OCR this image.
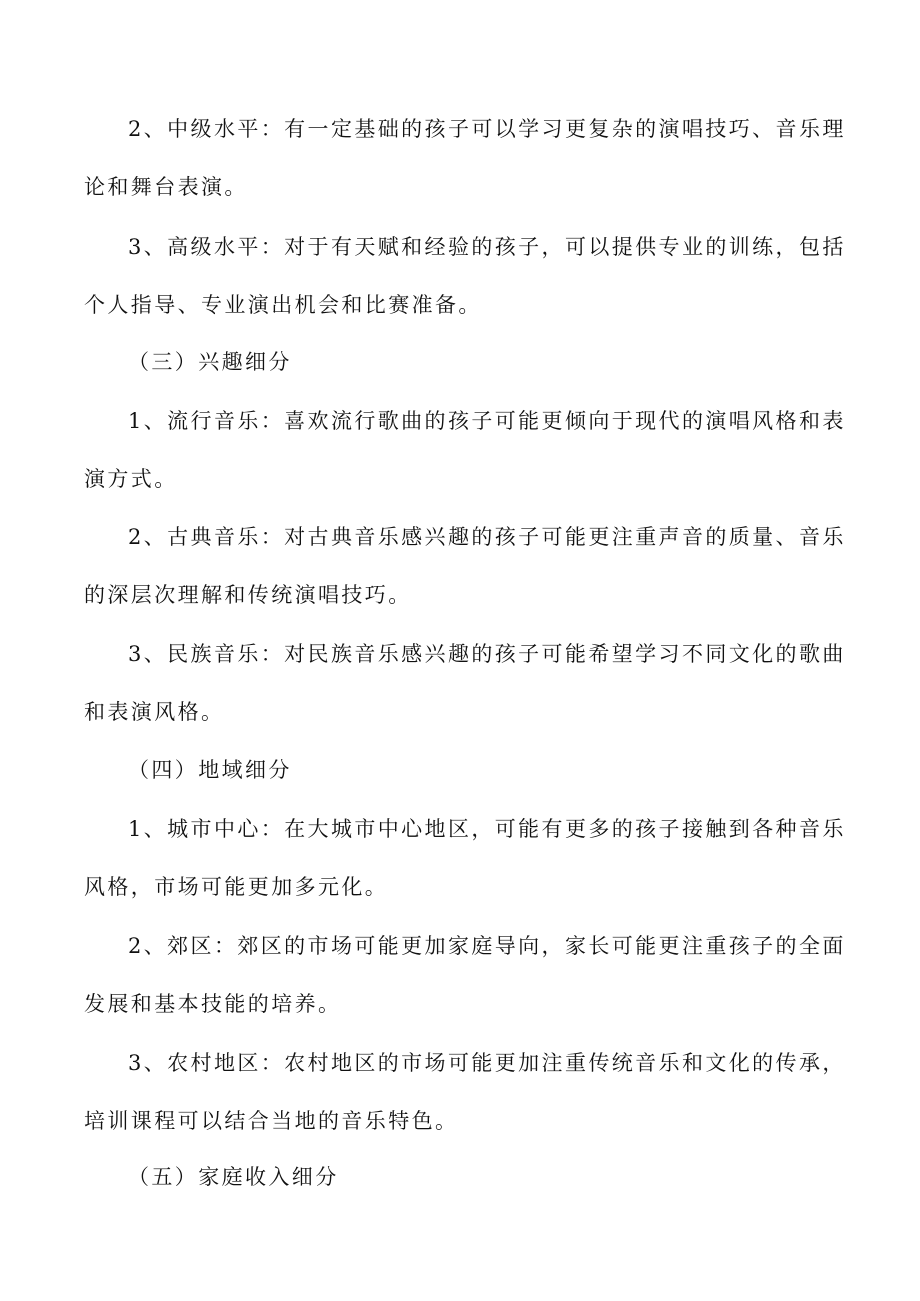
2、中级水平：有一定基础的孩子可以学习更复杂的演唱技巧、音乐理
论和舞台表演。

3、高级水平：对于有天赋和经验的孩子，可以提供专业的训练，包括
个人指导、专业演出机会和比赛准备。

（三）兴趣细分

1、流行音乐：喜欢流行歌曲的孩子可能更倾向于现代的演唱风格和表
演方式。

2、古典音乐：对古典音乐感兴趣的孩子可能更注重声音的质量、音乐
的深层次理解和传统演唱技巧。

3、民族音乐：对民族音乐感兴趣的孩子可能希望学习不同文化的歌曲
和表演风格。

（四）地域细分

1、城市中心：在大城市中心地区，可能有更多的孩子接触到各种音乐
风格，市场可能更加多元化。

2、郊区：郊区的市场可能更加家庭导向，家长可能更注重孩子的全面
发展和基本技能的培养。

3、农村地区：农村地区的市场可能更加注重传统音乐和文化的传承，
培训课程可以结合当地的音乐特色。

（五）家庭收入细分
